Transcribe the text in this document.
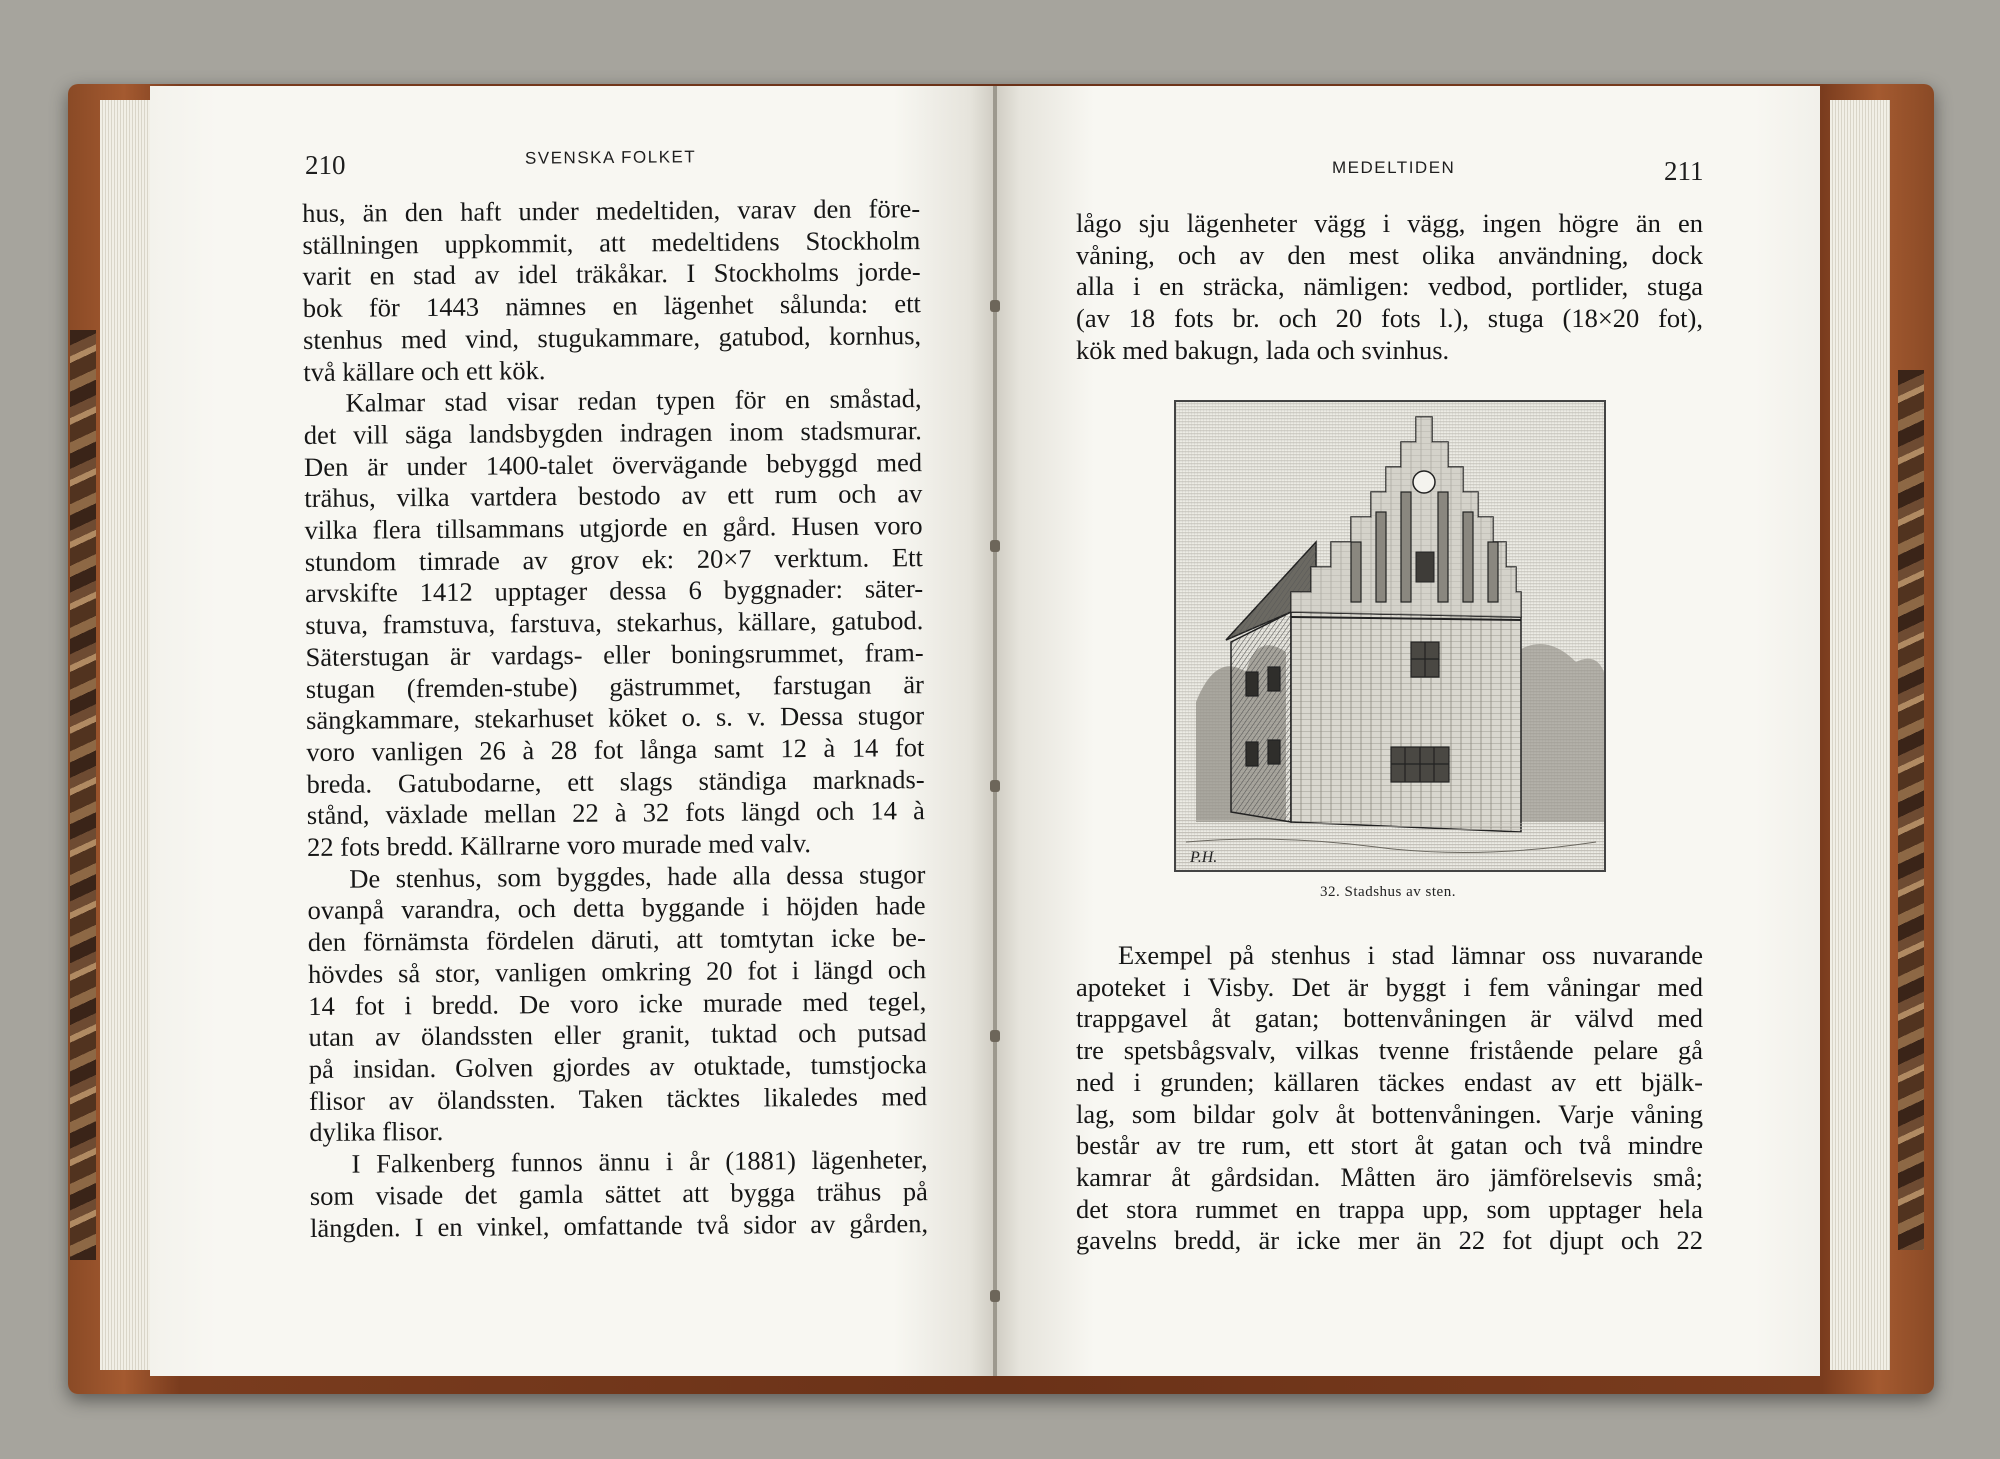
210	SVENSKA FOLKET
hus, än den haft under medeltiden, varav den före-
ställningen uppkommit, att medeltidens Stockholm
varit en stad av idel träkåkar. I Stockholms jorde-
bok för 1443 nämnes en lägenhet sålunda: ett
stenhus med vind, stugukammare, gatubod, kornhus,
två källare och ett kök.
Kalmar stad visar redan typen för en småstad,
det vill säga landsbygden indragen inom stadsmurar.
Den är under 1400-talet övervägande bebyggd med
trähus, vilka vartdera bestodo av ett rum och av
vilka flera tillsammans utgjorde en gård. Husen voro
stundom timrade av grov ek: 20×7 verktum. Ett
arvskifte 1412 upptager dessa 6 byggnader: säter-
stuva, framstuva, farstuva, stekarhus, källare, gatubod.
Säterstugan är vardags- eller boningsrummet, fram-
stugan (fremden-stube) gästrummet, farstugan är
sängkammare, stekarhuset köket o. s. v. Dessa stugor
voro vanligen 26 à 28 fot långa samt 12 à 14 fot
breda. Gatubodarne, ett slags ständiga marknads-
stånd, växlade mellan 22 à 32 fots längd och 14 à
22 fots bredd. Källrarne voro murade med valv.
De stenhus, som byggdes, hade alla dessa stugor
ovanpå varandra, och detta byggande i höjden hade
den förnämsta fördelen däruti, att tomtytan icke be-
hövdes så stor, vanligen omkring 20 fot i längd och
14 fot i bredd. De voro icke murade med tegel,
utan av ölandssten eller granit, tuktad och putsad
på insidan. Golven gjordes av otuktade, tumstjocka
flisor av ölandssten. Taken täcktes likaledes med
dylika flisor.
I Falkenberg funnos ännu i år (1881) lägenheter,
som visade det gamla sättet att bygga trähus på
längden. I en vinkel, omfattande två sidor av gården,
MEDELTIDEN	211
lågo sju lägenheter vägg i vägg, ingen högre än en
våning, och av den mest olika användning, dock
alla i en sträcka, nämligen: vedbod, portlider, stuga
(av 18 fots br. och 20 fots l.), stuga (18×20 fot),
kök med bakugn, lada och svinhus.
P.H.
32. Stadshus av sten.
Exempel på stenhus i stad lämnar oss nuvarande
apoteket i Visby. Det är byggt i fem våningar med
trappgavel åt gatan; bottenvåningen är välvd med
tre spetsbågsvalv, vilkas tvenne fristående pelare gå
ned i grunden; källaren täckes endast av ett bjälk-
lag, som bildar golv åt bottenvåningen. Varje våning
består av tre rum, ett stort åt gatan och två mindre
kamrar åt gårdsidan. Måtten äro jämförelsevis små;
det stora rummet en trappa upp, som upptager hela
gavelns bredd, är icke mer än 22 fot djupt och 22
